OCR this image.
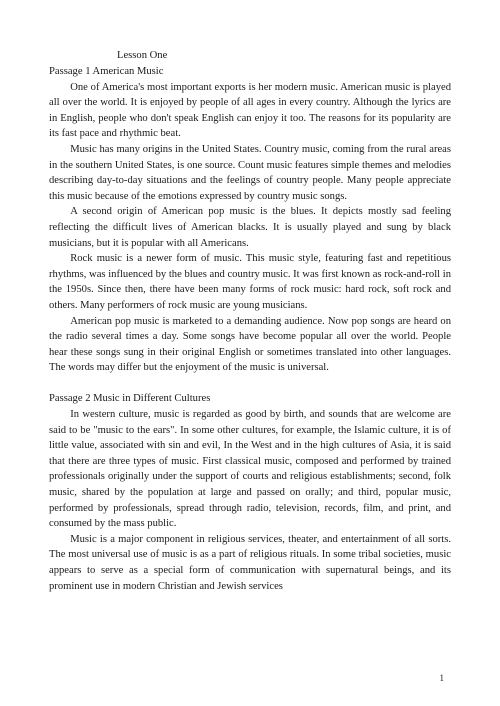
Lesson One
Passage 1 American Music

One of America's most important exports is her modern music. American music is played all over the world. It is enjoyed by people of all ages in every country. Although the lyrics are in English, people who don't speak English can enjoy it too. The reasons for its popularity are its fast pace and rhythmic beat.

Music has many origins in the United States. Country music, coming from the rural areas in the southern United States, is one source. Count music features simple themes and melodies describing day-to-day situations and the feelings of country people. Many people appreciate this music because of the emotions expressed by country music songs.

A second origin of American pop music is the blues. It depicts mostly sad feeling reflecting the difficult lives of American blacks. It is usually played and sung by black musicians, but it is popular with all Americans.

Rock music is a newer form of music. This music style, featuring fast and repetitious rhythms, was influenced by the blues and country music. It was first known as rock-and-roll in the 1950s. Since then, there have been many forms of rock music: hard rock, soft rock and others. Many performers of rock music are young musicians.

American pop music is marketed to a demanding audience. Now pop songs are heard on the radio several times a day. Some songs have become popular all over the world. People hear these songs sung in their original English or sometimes translated into other languages. The words may differ but the enjoyment of the music is universal.

Passage 2 Music in Different Cultures

In western culture, music is regarded as good by birth, and sounds that are welcome are said to be "music to the ears". In some other cultures, for example, the Islamic culture, it is of little value, associated with sin and evil, In the West and in the high cultures of Asia, it is said that there are three types of music. First classical music, composed and performed by trained professionals originally under the support of courts and religious establishments; second, folk music, shared by the population at large and passed on orally; and third, popular music, performed by professionals, spread through radio, television, records, film, and print, and consumed by the mass public.

Music is a major component in religious services, theater, and entertainment of all sorts. The most universal use of music is as a part of religious rituals. In some tribal societies, music appears to serve as a special form of communication with supernatural beings, and its prominent use in modern Christian and Jewish services

1
